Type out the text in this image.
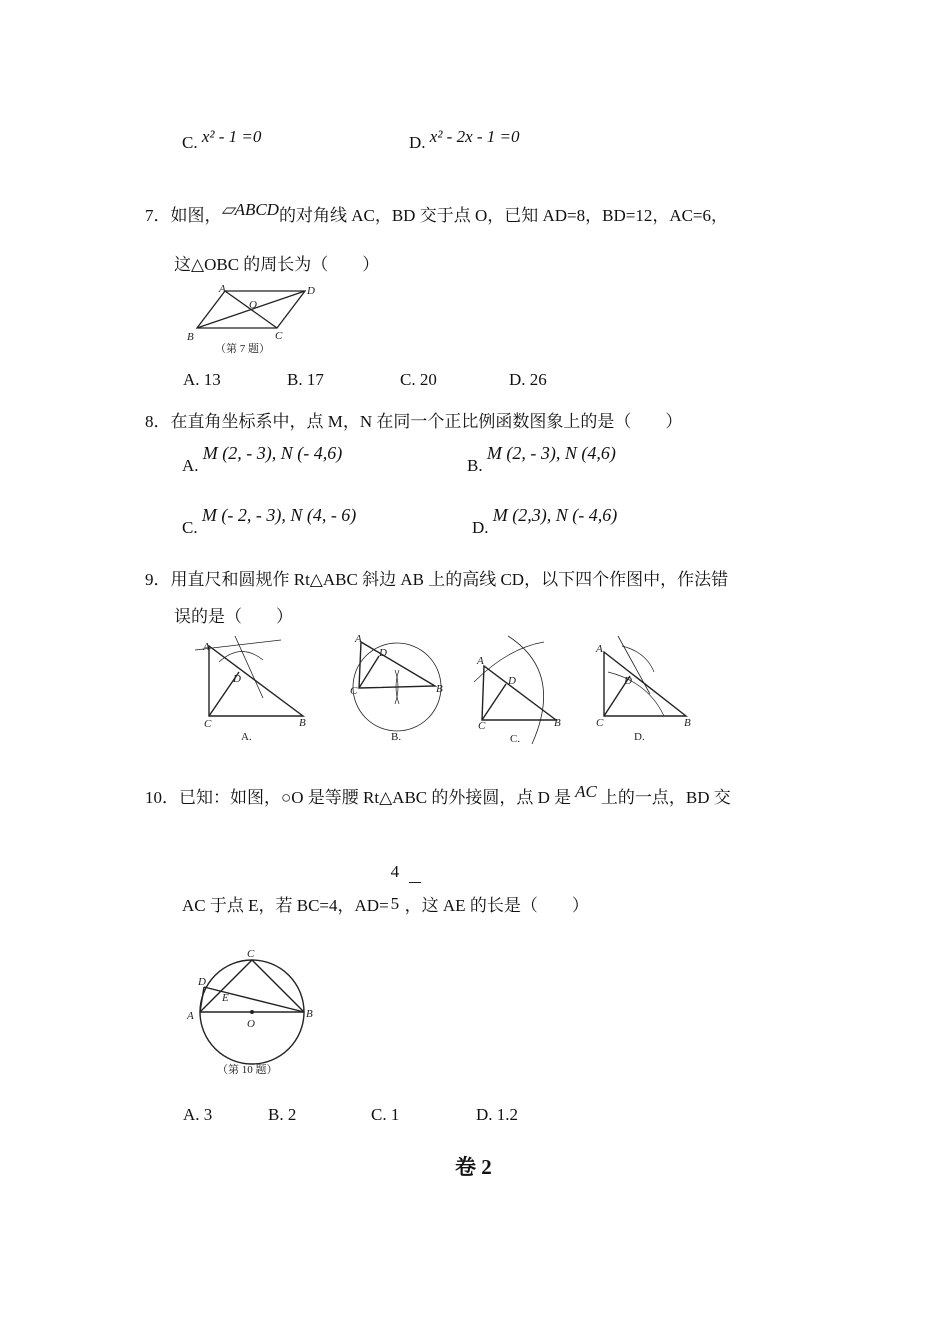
C. x² - 1 =0	D. x² - 2x - 1 =0
7．如图，▱ABCD的对角线 AC，BD 交于点 O，已知 AD=8，BD=12，AC=6，
这△OBC 的周长为（　　）
A	D
O
B	C
（第 7 题）
A. 13	B. 17	C. 20	D. 26
8．在直角坐标系中，点 M，N 在同一个正比例函数图象上的是（　　）
A. M (2, - 3), N (- 4,6)
B. M (2, - 3), N (4,6)
C. M (- 2, - 3), N (4, - 6)
D. M (2,3), N (- 4,6)
9．用直尺和圆规作 Rt△ABC 斜边 AB 上的高线 CD，以下四个作图中，作法错
误的是（　　）
A
D
C	B
A.
A
D
C	B
B.
A
D
C	B
C.
A
D
C	B
D.
10．已知：如图，○O 是等腰 Rt△ABC 的外接圆，点 D 是 AC 上的一点，BD 交
AC 于点 E，若 BC=4，AD=
4
5 ，这 AE 的长是（　　）
C
D
E
A
O
B
（第 10 题）
A. 3	B. 2	C. 1	D. 1.2
卷 2
